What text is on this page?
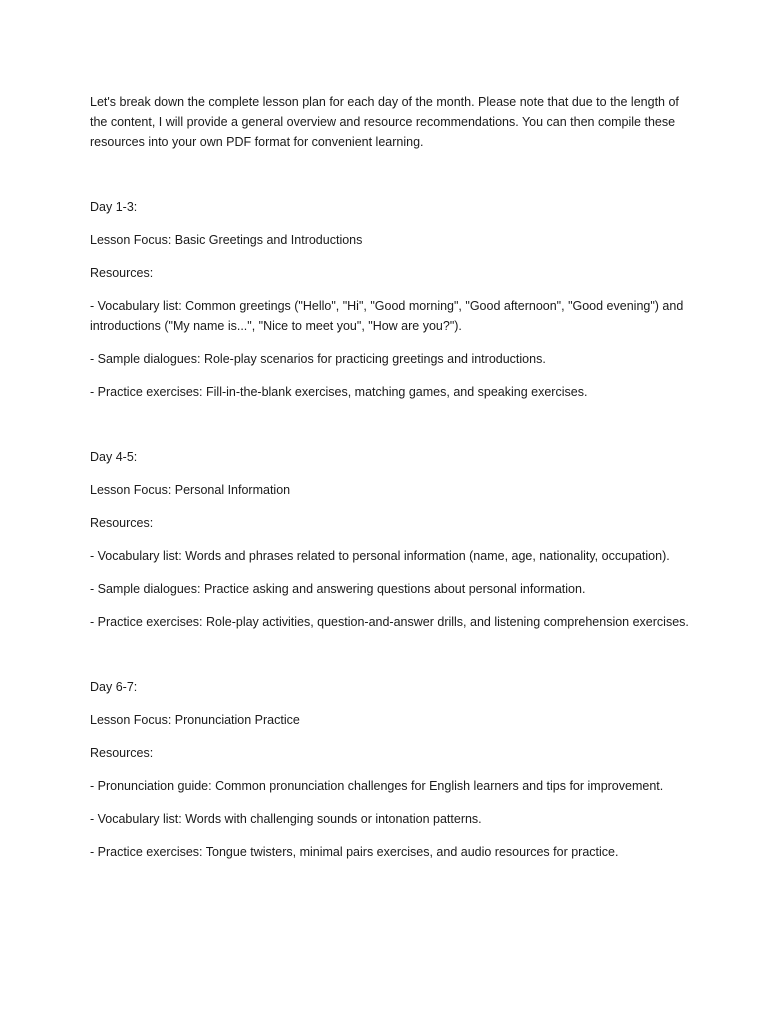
Let's break down the complete lesson plan for each day of the month. Please note that due to the length of the content, I will provide a general overview and resource recommendations. You can then compile these resources into your own PDF format for convenient learning.

Day 1-3:

Lesson Focus: Basic Greetings and Introductions

Resources:

- Vocabulary list: Common greetings ("Hello", "Hi", "Good morning", "Good afternoon", "Good evening") and introductions ("My name is...", "Nice to meet you", "How are you?").

- Sample dialogues: Role-play scenarios for practicing greetings and introductions.

- Practice exercises: Fill-in-the-blank exercises, matching games, and speaking exercises.

Day 4-5:

Lesson Focus: Personal Information

Resources:

- Vocabulary list: Words and phrases related to personal information (name, age, nationality, occupation).

- Sample dialogues: Practice asking and answering questions about personal information.

- Practice exercises: Role-play activities, question-and-answer drills, and listening comprehension exercises.

Day 6-7:

Lesson Focus: Pronunciation Practice

Resources:

- Pronunciation guide: Common pronunciation challenges for English learners and tips for improvement.

- Vocabulary list: Words with challenging sounds or intonation patterns.

- Practice exercises: Tongue twisters, minimal pairs exercises, and audio resources for practice.
